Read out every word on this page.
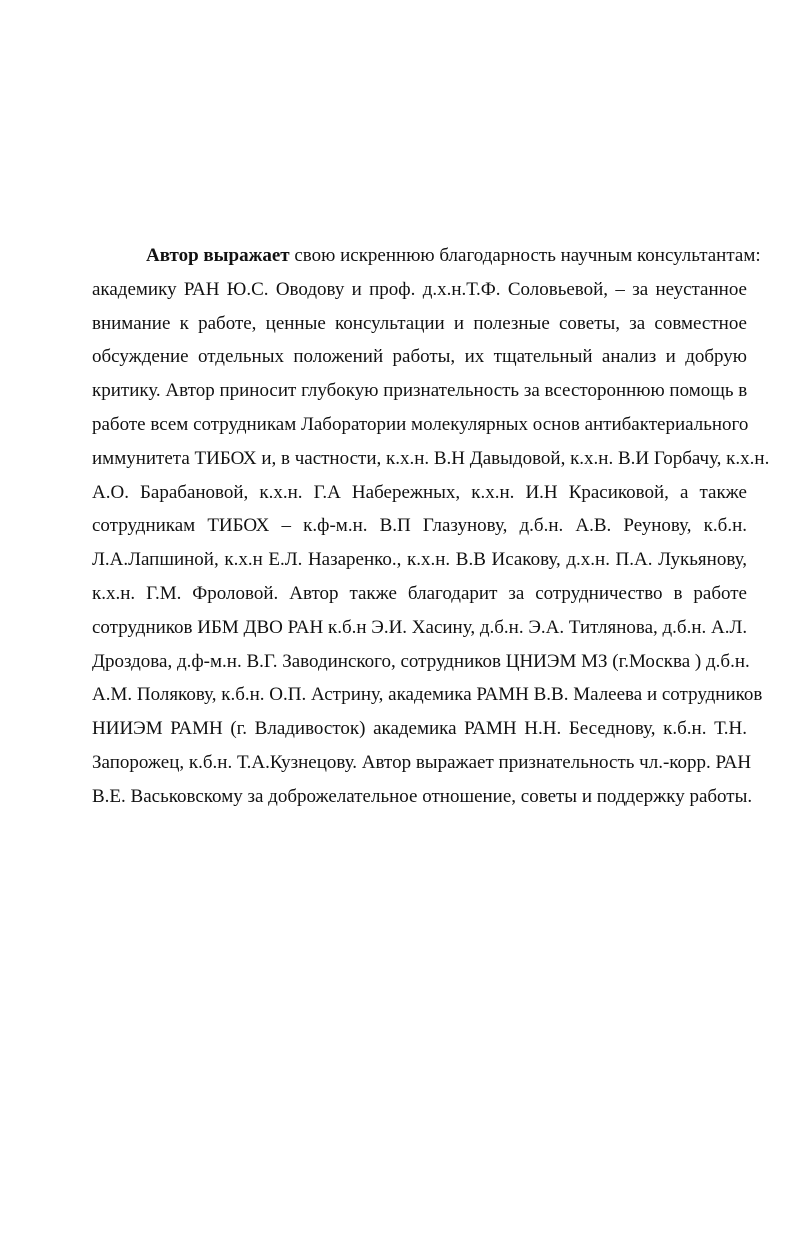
Автор выражает свою искреннюю благодарность научным консультантам:
академику РАН Ю.С. Оводову и проф. д.х.н.Т.Ф. Соловьевой, – за неустанное
внимание к работе, ценные консультации и полезные советы, за совместное
обсуждение отдельных положений работы, их тщательный анализ и добрую
критику. Автор приносит глубокую признательность за всестороннюю помощь в
работе всем сотрудникам Лаборатории молекулярных основ антибактериального
иммунитета ТИБОХ и, в частности, к.х.н. В.Н Давыдовой, к.х.н. В.И Горбачу, к.х.н.
А.О. Барабановой, к.х.н. Г.А Набережных, к.х.н. И.Н Красиковой, а также
сотрудникам ТИБОХ – к.ф-м.н. В.П Глазунову, д.б.н. А.В. Реунову, к.б.н.
Л.А.Лапшиной, к.х.н Е.Л. Назаренко., к.х.н. В.В Исакову, д.х.н. П.А. Лукьянову,
к.х.н. Г.М. Фроловой. Автор также благодарит за сотрудничество в работе
сотрудников ИБМ ДВО РАН к.б.н Э.И. Хасину, д.б.н. Э.А. Титлянова, д.б.н. А.Л.
Дроздова, д.ф-м.н. В.Г. Заводинского, сотрудников ЦНИЭМ МЗ (г.Москва ) д.б.н.
А.М. Полякову, к.б.н. О.П. Астрину, академика РАМН В.В. Малеева и сотрудников
НИИЭМ РАМН (г. Владивосток) академика РАМН Н.Н. Беседнову, к.б.н. Т.Н.
Запорожец, к.б.н. Т.А.Кузнецову. Автор выражает признательность чл.-корр. РАН
В.Е. Васьковскому за доброжелательное отношение, советы и поддержку работы.
